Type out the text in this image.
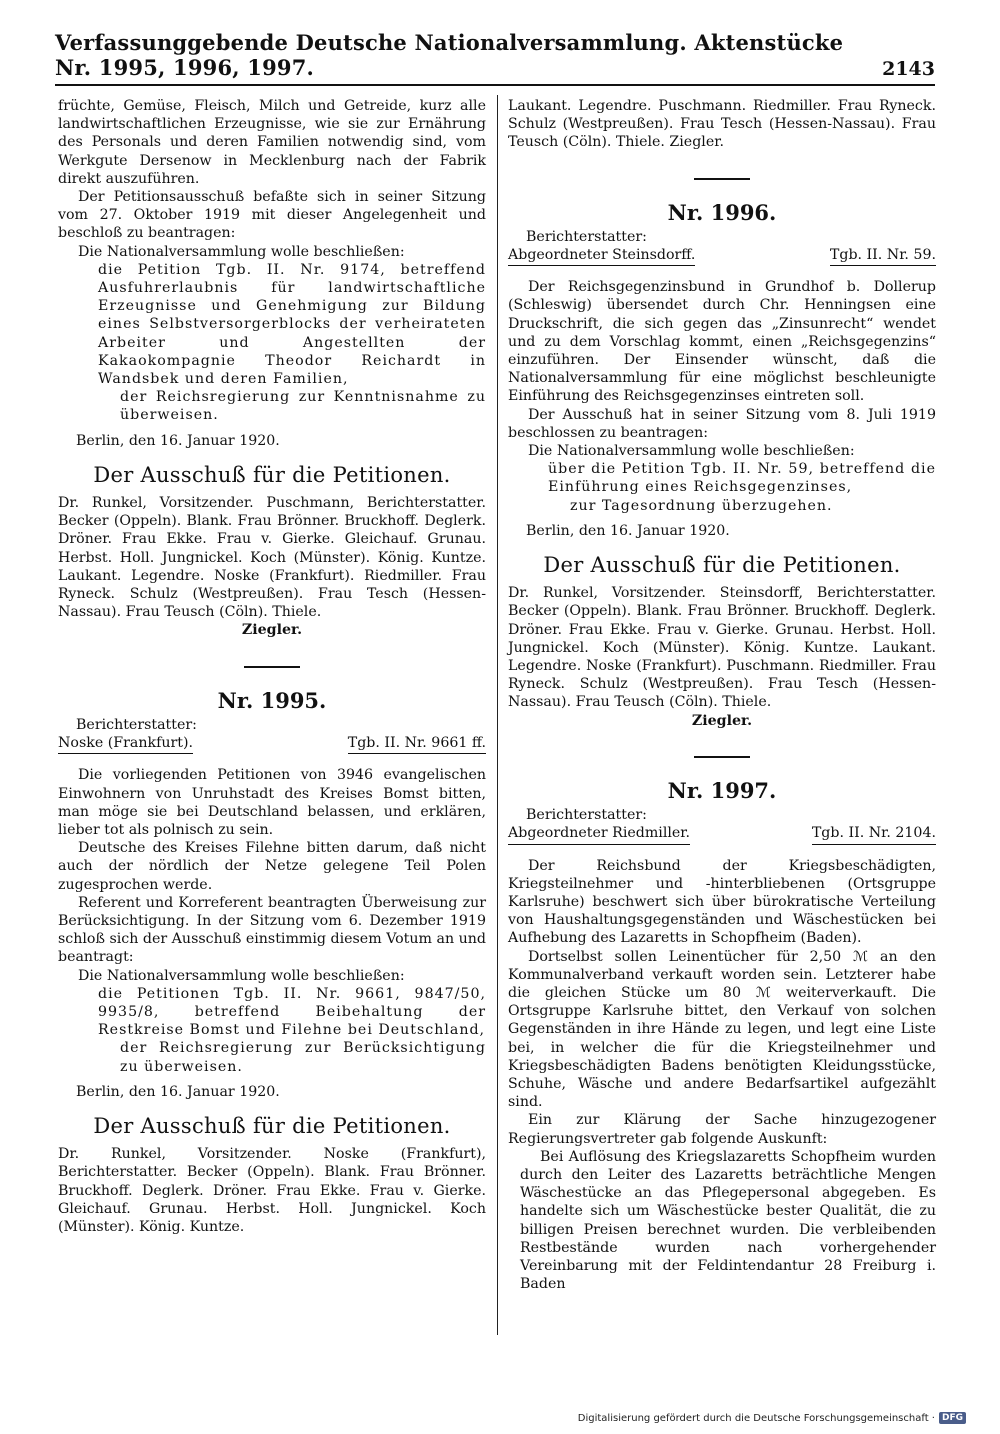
Verfassunggebende Deutsche Nationalversammlung. Aktenstücke Nr. 1995, 1996, 1997.	2143

früchte, Gemüse, Fleisch, Milch und Getreide, kurz alle landwirtschaftlichen Erzeugnisse, wie sie zur Ernährung des Personals und deren Familien notwendig sind, vom Werkgute Dersenow in Mecklenburg nach der Fabrik direkt auszuführen.

Der Petitionsausschuß befaßte sich in seiner Sitzung vom 27. Oktober 1919 mit dieser Angelegenheit und beschloß zu beantragen:

Die Nationalversammlung wolle beschließen:

die Petition Tgb. II. Nr. 9174, betreffend Ausfuhrerlaubnis für landwirtschaftliche Erzeugnisse und Genehmigung zur Bildung eines Selbstversorgerblocks der verheirateten Arbeiter und Angestellten der Kakaokompagnie Theodor Reichardt in Wandsbek und deren Familien,

der Reichsregierung zur Kenntnisnahme zu überweisen.

Berlin, den 16. Januar 1920.

Der Ausschuß für die Petitionen.

Dr. Runkel, Vorsitzender. Puschmann, Berichterstatter. Becker (Oppeln). Blank. Frau Brönner. Bruckhoff. Deglerk. Dröner. Frau Ekke. Frau v. Gierke. Gleichauf. Grunau. Herbst. Holl. Jungnickel. Koch (Münster). König. Kuntze. Laukant. Legendre. Noske (Frankfurt). Riedmiller. Frau Ryneck. Schulz (Westpreußen). Frau Tesch (Hessen-Nassau). Frau Teusch (Cöln). Thiele.

Ziegler.

Nr. 1995.
Berichterstatter:
Noske (Frankfurt).	Tgb. II. Nr. 9661 ff.

Die vorliegenden Petitionen von 3946 evangelischen Einwohnern von Unruhstadt des Kreises Bomst bitten, man möge sie bei Deutschland belassen, und erklären, lieber tot als polnisch zu sein.

Deutsche des Kreises Filehne bitten darum, daß nicht auch der nördlich der Netze gelegene Teil Polen zugesprochen werde.

Referent und Korreferent beantragten Überweisung zur Berücksichtigung. In der Sitzung vom 6. Dezember 1919 schloß sich der Ausschuß einstimmig diesem Votum an und beantragt:

Die Nationalversammlung wolle beschließen:

die Petitionen Tgb. II. Nr. 9661, 9847/50, 9935/8, betreffend Beibehaltung der Restkreise Bomst und Filehne bei Deutschland,

der Reichsregierung zur Berücksichtigung zu überweisen.

Berlin, den 16. Januar 1920.

Der Ausschuß für die Petitionen.

Dr. Runkel, Vorsitzender. Noske (Frankfurt), Berichterstatter. Becker (Oppeln). Blank. Frau Brönner. Bruckhoff. Deglerk. Dröner. Frau Ekke. Frau v. Gierke. Gleichauf. Grunau. Herbst. Holl. Jungnickel. Koch (Münster). König. Kuntze.

Laukant. Legendre. Puschmann. Riedmiller. Frau Ryneck. Schulz (Westpreußen). Frau Tesch (Hessen-Nassau). Frau Teusch (Cöln). Thiele. Ziegler.

Nr. 1996.
Berichterstatter:
Abgeordneter Steinsdorff.	Tgb. II. Nr. 59.

Der Reichsgegenzinsbund in Grundhof b. Dollerup (Schleswig) übersendet durch Chr. Henningsen eine Druckschrift, die sich gegen das „Zinsunrecht“ wendet und zu dem Vorschlag kommt, einen „Reichsgegenzins“ einzuführen. Der Einsender wünscht, daß die Nationalversammlung für eine möglichst beschleunigte Einführung des Reichsgegenzinses eintreten soll.

Der Ausschuß hat in seiner Sitzung vom 8. Juli 1919 beschlossen zu beantragen:

Die Nationalversammlung wolle beschließen:

über die Petition Tgb. II. Nr. 59, betreffend die Einführung eines Reichsgegenzinses,

zur Tagesordnung überzugehen.

Berlin, den 16. Januar 1920.

Der Ausschuß für die Petitionen.

Dr. Runkel, Vorsitzender. Steinsdorff, Berichterstatter. Becker (Oppeln). Blank. Frau Brönner. Bruckhoff. Deglerk. Dröner. Frau Ekke. Frau v. Gierke. Grunau. Herbst. Holl. Jungnickel. Koch (Münster). König. Kuntze. Laukant. Legendre. Noske (Frankfurt). Puschmann. Riedmiller. Frau Ryneck. Schulz (Westpreußen). Frau Tesch (Hessen-Nassau). Frau Teusch (Cöln). Thiele.

Ziegler.

Nr. 1997.
Berichterstatter:
Abgeordneter Riedmiller.	Tgb. II. Nr. 2104.

Der Reichsbund der Kriegsbeschädigten, Kriegsteilnehmer und -hinterbliebenen (Ortsgruppe Karlsruhe) beschwert sich über bürokratische Verteilung von Haushaltungsgegenständen und Wäschestücken bei Aufhebung des Lazaretts in Schopfheim (Baden).

Dortselbst sollen Leinentücher für 2,50 ℳ an den Kommunalverband verkauft worden sein. Letzterer habe die gleichen Stücke um 80 ℳ weiterverkauft. Die Ortsgruppe Karlsruhe bittet, den Verkauf von solchen Gegenständen in ihre Hände zu legen, und legt eine Liste bei, in welcher die für die Kriegsteilnehmer und Kriegsbeschädigten Badens benötigten Kleidungsstücke, Schuhe, Wäsche und andere Bedarfsartikel aufgezählt sind.

Ein zur Klärung der Sache hinzugezogener Regierungsvertreter gab folgende Auskunft:

Bei Auflösung des Kriegslazaretts Schopfheim wurden durch den Leiter des Lazaretts beträchtliche Mengen Wäschestücke an das Pflegepersonal abgegeben. Es handelte sich um Wäschestücke bester Qualität, die zu billigen Preisen berechnet wurden. Die verbleibenden Restbestände wurden nach vorhergehender Vereinbarung mit der Feldintendantur 28 Freiburg i. Baden

Digitalisierung gefördert durch die Deutsche Forschungsgemeinschaft · DFG
